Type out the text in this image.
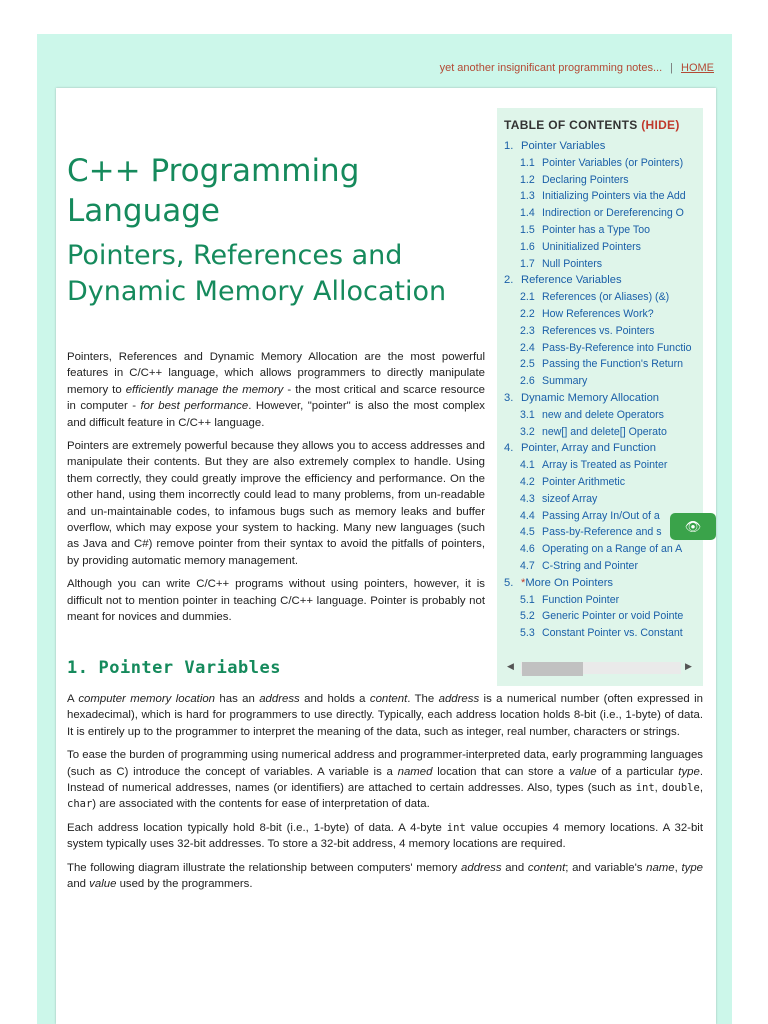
yet another insignificant programming notes... | HOME
C++ Programming Language
Pointers, References and Dynamic Memory Allocation

Pointers, References and Dynamic Memory Allocation are the most powerful features in C/C++ language, which allows programmers to directly manipulate memory to efficiently manage the memory - the most critical and scarce resource in computer - for best performance. However, "pointer" is also the most complex and difficult feature in C/C++ language.

Pointers are extremely powerful because they allows you to access addresses and manipulate their contents. But they are also extremely complex to handle. Using them correctly, they could greatly improve the efficiency and performance. On the other hand, using them incorrectly could lead to many problems, from un-readable and un-maintainable codes, to infamous bugs such as memory leaks and buffer overflow, which may expose your system to hacking. Many new languages (such as Java and C#) remove pointer from their syntax to avoid the pitfalls of pointers, by providing automatic memory management.

Although you can write C/C++ programs without using pointers, however, it is difficult not to mention pointer in teaching C/C++ language. Pointer is probably not meant for novices and dummies.

1. Pointer Variables

A computer memory location has an address and holds a content. The address is a numerical number (often expressed in hexadecimal), which is hard for programmers to use directly. Typically, each address location holds 8-bit (i.e., 1-byte) of data. It is entirely up to the programmer to interpret the meaning of the data, such as integer, real number, characters or strings.

To ease the burden of programming using numerical address and programmer-interpreted data, early programming languages (such as C) introduce the concept of variables. A variable is a named location that can store a value of a particular type. Instead of numerical addresses, names (or identifiers) are attached to certain addresses. Also, types (such as int, double, char) are associated with the contents for ease of interpretation of data.

Each address location typically hold 8-bit (i.e., 1-byte) of data. A 4-byte int value occupies 4 memory locations. A 32-bit system typically uses 32-bit addresses. To store a 32-bit address, 4 memory locations are required.

The following diagram illustrate the relationship between computers' memory address and content; and variable's name, type and value used by the programmers.

TABLE OF CONTENTS (HIDE)
1. Pointer Variables
1.1 Pointer Variables (or Pointers)
1.2 Declaring Pointers
1.3 Initializing Pointers via the Add
1.4 Indirection or Dereferencing O
1.5 Pointer has a Type Too
1.6 Uninitialized Pointers
1.7 Null Pointers
2. Reference Variables
2.1 References (or Aliases) (&)
2.2 How References Work?
2.3 References vs. Pointers
2.4 Pass-By-Reference into Functio
2.5 Passing the Function's Return
2.6 Summary
3. Dynamic Memory Allocation
3.1 new and delete Operators
3.2 new[] and delete[] Operato
4. Pointer, Array and Function
4.1 Array is Treated as Pointer
4.2 Pointer Arithmetic
4.3 sizeof Array
4.4 Passing Array In/Out of a
4.5 Pass-by-Reference and s
4.6 Operating on a Range of an A
4.7 C-String and Pointer
5. *More On Pointers
5.1 Function Pointer
5.2 Generic Pointer or void Pointe
5.3 Constant Pointer vs. Constant
◀	▶
👁
